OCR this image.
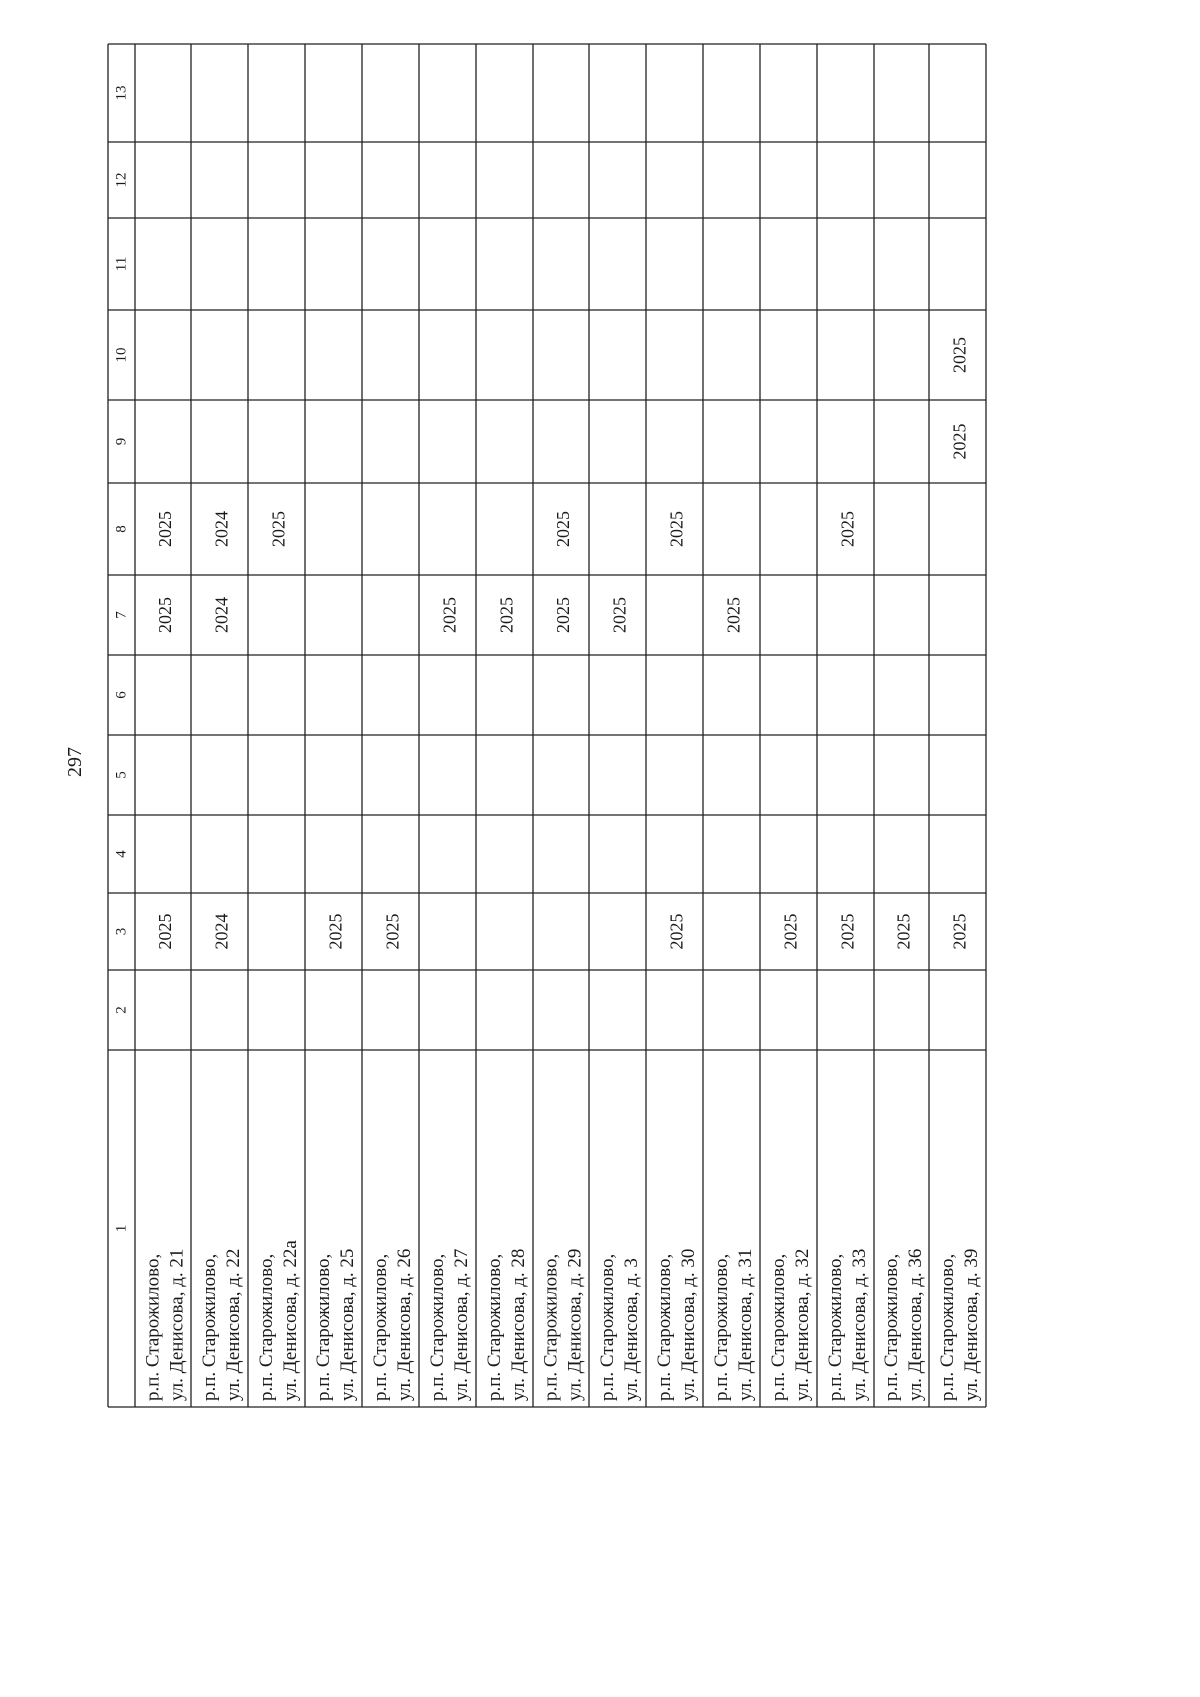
297
1
2
3
4
5
6
7
8
9
10
11
12
13
р.п. Старожилово, ул. Денисова, д. 21
2025
2025
2025
р.п. Старожилово, ул. Денисова, д. 22
2024
2024
2024
р.п. Старожилово, ул. Денисова, д. 22а
2025
р.п. Старожилово, ул. Денисова, д. 25
2025
р.п. Старожилово, ул. Денисова, д. 26
2025
р.п. Старожилово, ул. Денисова, д. 27
2025
р.п. Старожилово, ул. Денисова, д. 28
2025
р.п. Старожилово, ул. Денисова, д. 29
2025
2025
р.п. Старожилово, ул. Денисова, д. 3
2025
р.п. Старожилово, ул. Денисова, д. 30
2025
2025
р.п. Старожилово, ул. Денисова, д. 31
2025
р.п. Старожилово, ул. Денисова, д. 32
2025
р.п. Старожилово, ул. Денисова, д. 33
2025
2025
р.п. Старожилово, ул. Денисова, д. 36
2025
р.п. Старожилово, ул. Денисова, д. 39
2025
2025
2025
